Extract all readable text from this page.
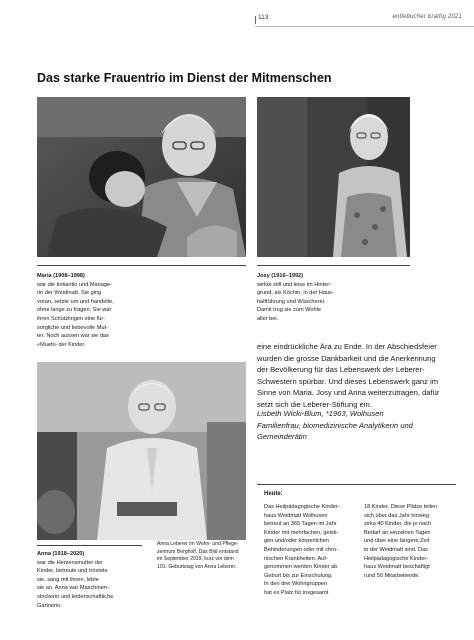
113	entlebucher brattig 2021
Das starke Frauentrio im Dienst der Mitmenschen
Maria (1908–1998)
war die Initiantin und Manage-
rin der Weidmatt. Sie ging
voran, setzte um und handelte,
ohne lange zu fragen. Sie war
ihren Schützlingen eine für-
sorgliche und liebevolle Mut-
ter. Noch aussen war sie das
«Mueti» der Kinder.
Josy (1916–1992)
wirkte still und leise im Hinter-
grund, als Köchin, in der Haus-
haltführung und Wäscherei.
Damit trug sie zum Wohle
aller bei.
eine eindrückliche Ära zu Ende. In der Abschiedsfeier
wurden die grosse Dankbarkeit und die Anerkennung
der Bevölkerung für das Lebenswerk der Leberer-
Schwestern spürbar. Und dieses Lebenswerk ganz im
Sinne von Maria, Josy und Anna weiterzutragen, dafür
setzt sich die Leberer-Stiftung ein.
Lisbeth Wicki-Blum, *1963, Wolhusen
Familienfrau, biomedizinische Analytikerin und
Gemeinderätin
Anna (1918–2020)
war die Herzensmutter der
Kinder, betreute und tröstete
sie, sang mit ihnen, lebte
sie an. Anna war Maschinen-
strickerin und leidenschaftliche
Gärtnerin.
Anna Leberer im Wohn- und Pflege-
zentrum Bergholf. Das Bild entstand
im September 2019, kurz vor dem
101. Geburtstag von Anna Leberer.
Heute:
Das Heilpädagogische Kinder-
haus Weidmatt Wolhusen
betreut an 365 Tagen im Jahr
Kinder mit mehrfachen, geisti-
gen und/oder körperlichen
Behinderungen oder mit chro-
nischen Krankheiten. Auf-
genommen werden Kinder ab
Geburt bis zur Einschulung.
In den drei Wohngruppen
hat es Platz für insgesamt
18 Kinder. Diese Plätze teilen
sich über das Jahr hinweg
zirka 40 Kinder, die je nach
Bedarf an einzelnen Tagen
und über eine längere Zeit
in der Weidmatt sind. Das
Heilpädagogische Kinder-
haus Weidmatt beschäftigt
rund 50 Mitarbeitende.
